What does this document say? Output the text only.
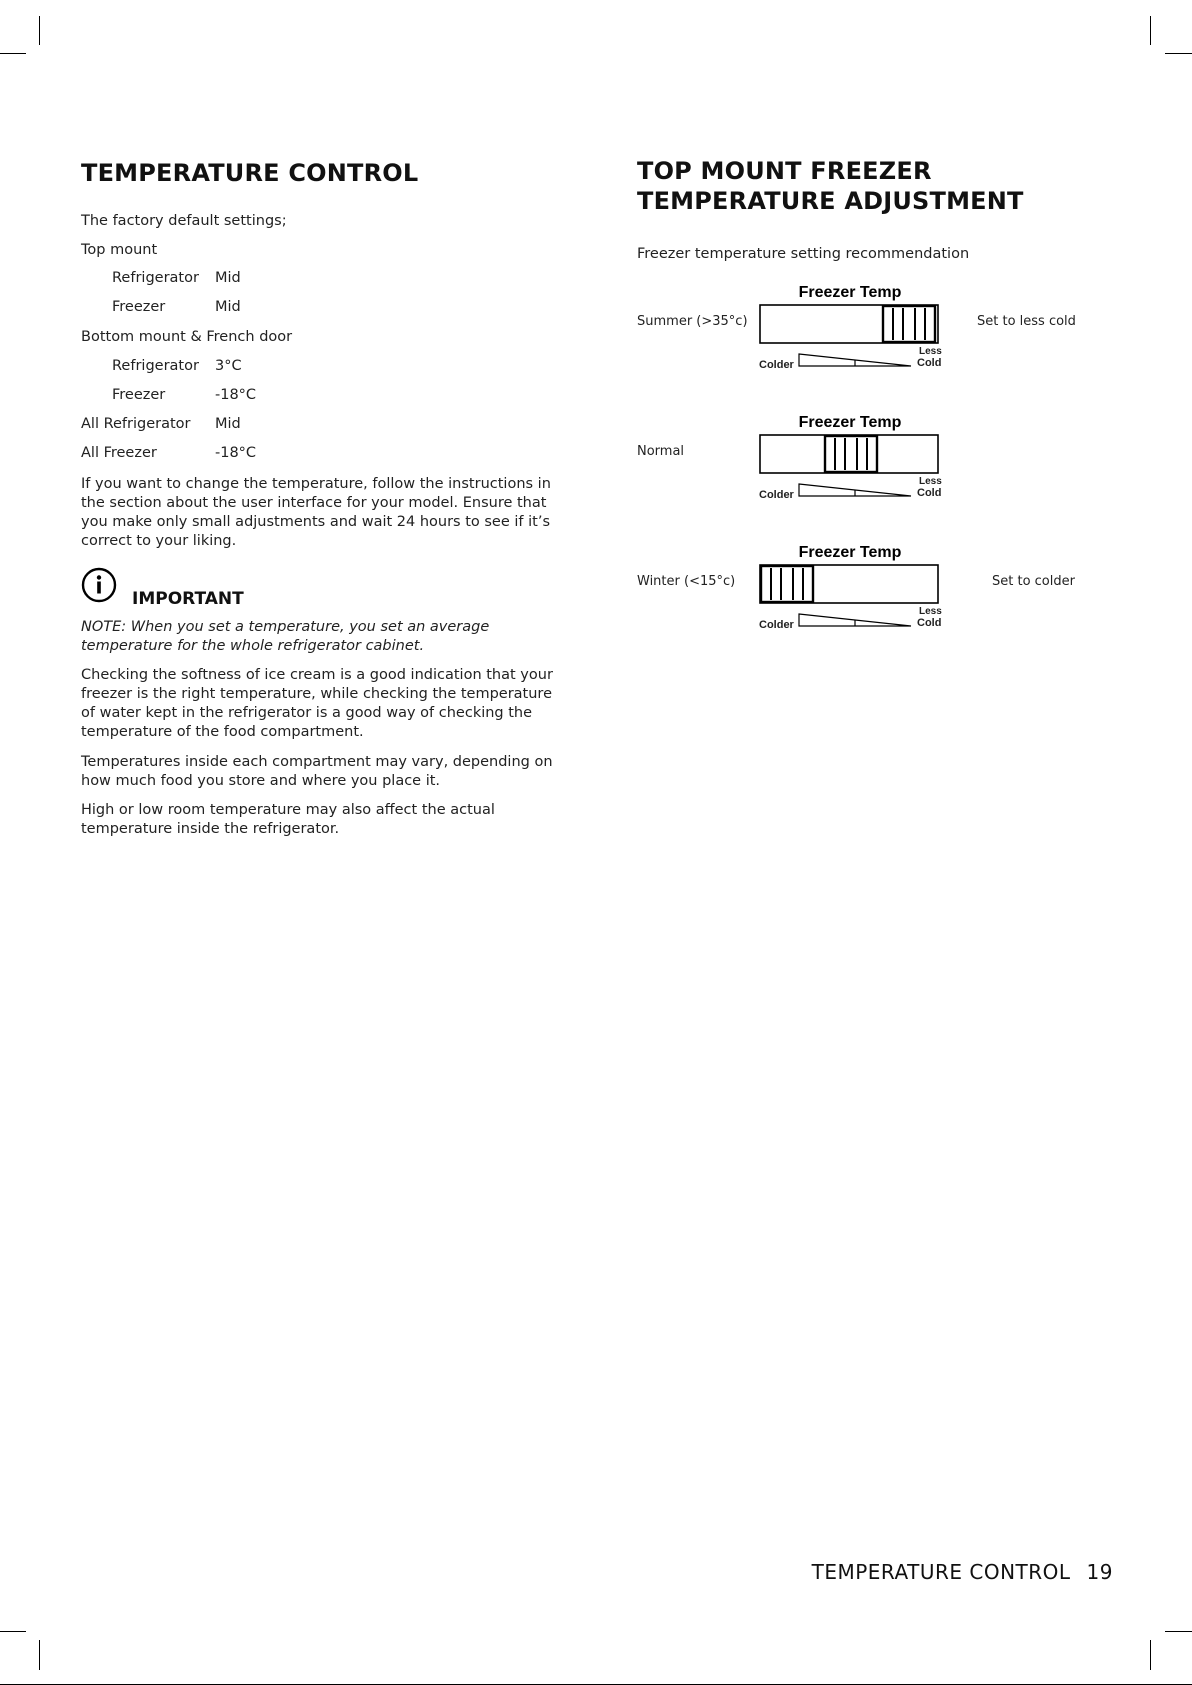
TEMPERATURE CONTROL

The factory default settings;

Top mount

Refrigerator Mid
Freezer	Mid

Bottom mount & French door

Refrigerator 3°C
Freezer	-18°C
All Refrigerator Mid
All Freezer	-18°C

If you want to change the temperature, follow the instructions in the section about the user interface for your model. Ensure that you make only small adjustments and wait 24 hours to see if it’s correct to your liking.

IMPORTANT

NOTE: When you set a temperature, you set an average temperature for the whole refrigerator cabinet.

Checking the softness of ice cream is a good indication that your freezer is the right temperature, while checking the temperature of water kept in the refrigerator is a good way of checking the temperature of the food compartment.

Temperatures inside each compartment may vary, depending on how much food you store and where you place it.

High or low room temperature may also affect the actual temperature inside the refrigerator.

TOP MOUNT FREEZER
TEMPERATURE ADJUSTMENT

Freezer temperature setting recommendation

Freezer Temp
Summer (>35°c)	Set to less cold
Colder
Less
Cold
Freezer Temp
Normal
Colder
Less
Cold
Freezer Temp
Winter (<15°c)	Set to colder
Colder
Less
Cold
TEMPERATURE CONTROL 19
